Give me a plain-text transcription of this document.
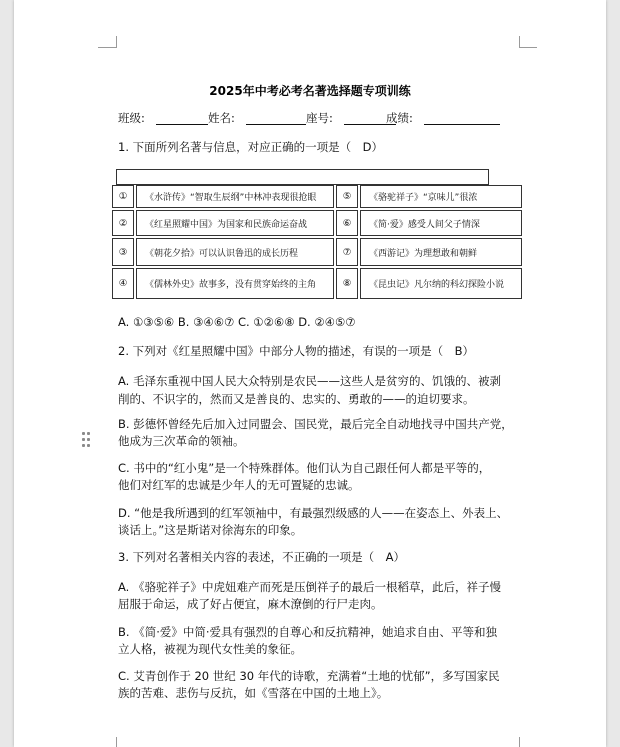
2025年中考必考名著选择题专项训练
班级:	姓名:	座号:	成绩:
1. 下面所列名著与信息，对应正确的一项是（　D）
①	《水浒传》“智取生辰纲”中林冲表现很抢眼	⑤	《骆驼祥子》“京味儿”很浓
②	《红星照耀中国》为国家和民族命运奋战	⑥	《简·爱》感受人间父子情深
③	《朝花夕拾》可以认识鲁迅的成长历程	⑦	《西游记》为理想敢和朝鲜
④	《儒林外史》故事多，没有贯穿始终的主角	⑧	《昆虫记》凡尔纳的科幻探险小说
A. ①③⑤⑥ B. ③④⑥⑦ C. ①②⑥⑧ D. ②④⑤⑦
2. 下列对《红星照耀中国》中部分人物的描述，有误的一项是（　B）
A. 毛泽东重视中国人民大众特别是农民——这些人是贫穷的、饥饿的、被剥
削的、不识字的，然而又是善良的、忠实的、勇敢的——的迫切要求。
B. 彭德怀曾经先后加入过同盟会、国民党，最后完全自动地找寻中国共产党，
他成为三次革命的领袖。
C. 书中的“红小鬼”是一个特殊群体。他们认为自己跟任何人都是平等的，
他们对红军的忠诚是少年人的无可置疑的忠诚。
D. “他是我所遇到的红军领袖中，有最强烈级感的人——在姿态上、外表上、
谈话上。”这是斯诺对徐海东的印象。
3. 下列对名著相关内容的表述，不正确的一项是（　A）
A. 《骆驼祥子》中虎妞难产而死是压倒祥子的最后一根稻草，此后，祥子慢
屈服于命运，成了好占便宜，麻木潦倒的行尸走肉。
B. 《简·爱》中简·爱具有强烈的自尊心和反抗精神，她追求自由、平等和独
立人格，被视为现代女性美的象征。
C. 艾青创作于 20 世纪 30 年代的诗歌，充满着“土地的忧郁”，多写国家民
族的苦难、悲伤与反抗，如《雪落在中国的土地上》。
